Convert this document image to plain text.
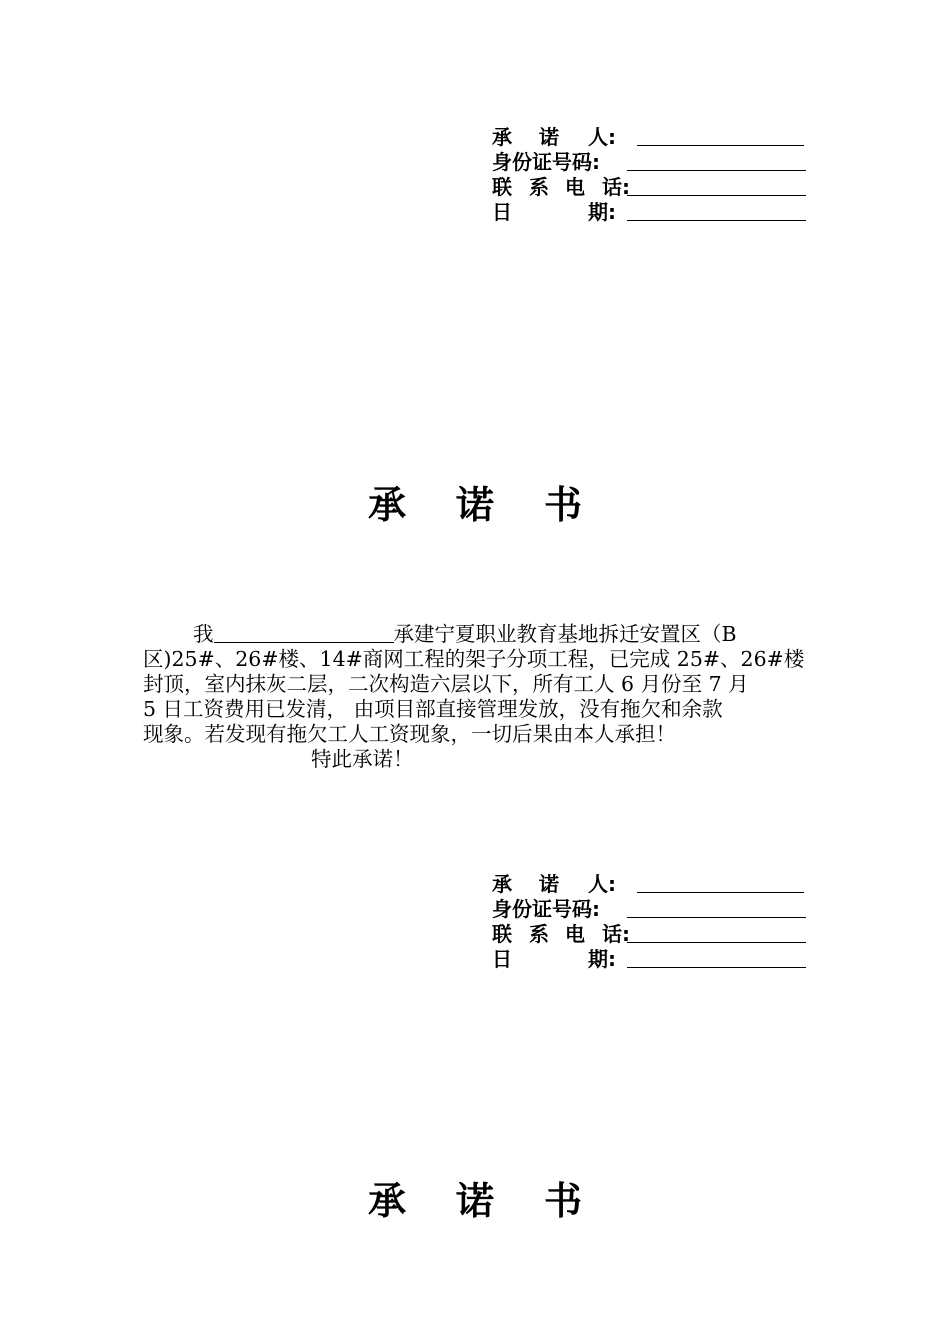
承 诺 人:
身份证号码:
联 系 电 话:
日	期:
承 诺 书
我	承建宁夏职业教育基地拆迁安置区（B
区)25#、26#楼、14#商网工程的架子分项工程，已完成 25#、26#楼
封顶，室内抹灰二层，二次构造六层以下，所有工人 6 月份至 7 月
5 日工资费用已发清， 由项目部直接管理发放，没有拖欠和余款
现象。若发现有拖欠工人工资现象，一切后果由本人承担！
特此承诺！
承 诺 人:
身份证号码:
联 系 电 话:
日	期:
承 诺 书
